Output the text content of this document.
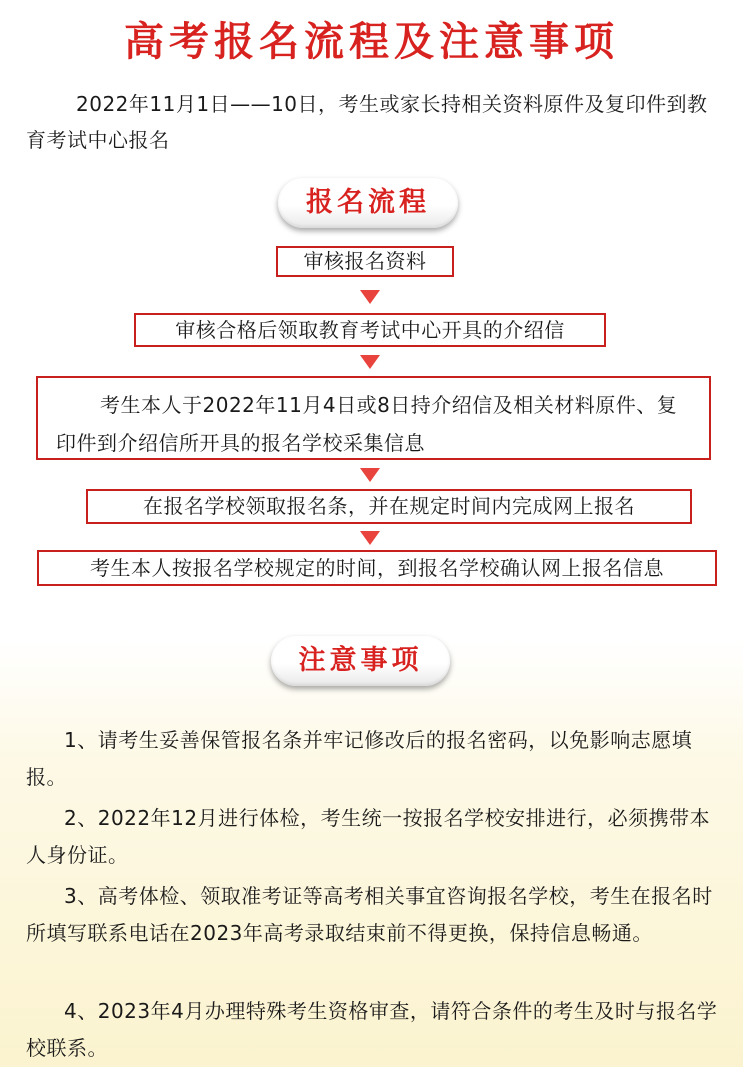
高考报名流程及注意事项
2022年11月1日——10日，考生或家长持相关资料原件及复印件到教育考试中心报名
报名流程
审核报名资料
审核合格后领取教育考试中心开具的介绍信
考生本人于2022年11月4日或8日持介绍信及相关材料原件、复印件到介绍信所开具的报名学校采集信息
在报名学校领取报名条，并在规定时间内完成网上报名
考生本人按报名学校规定的时间，到报名学校确认网上报名信息
注意事项
1、请考生妥善保管报名条并牢记修改后的报名密码，以免影响志愿填报。
2、2022年12月进行体检，考生统一按报名学校安排进行，必须携带本人身份证。
3、高考体检、领取准考证等高考相关事宜咨询报名学校，考生在报名时所填写联系电话在2023年高考录取结束前不得更换，保持信息畅通。
4、2023年4月办理特殊考生资格审查，请符合条件的考生及时与报名学校联系。
